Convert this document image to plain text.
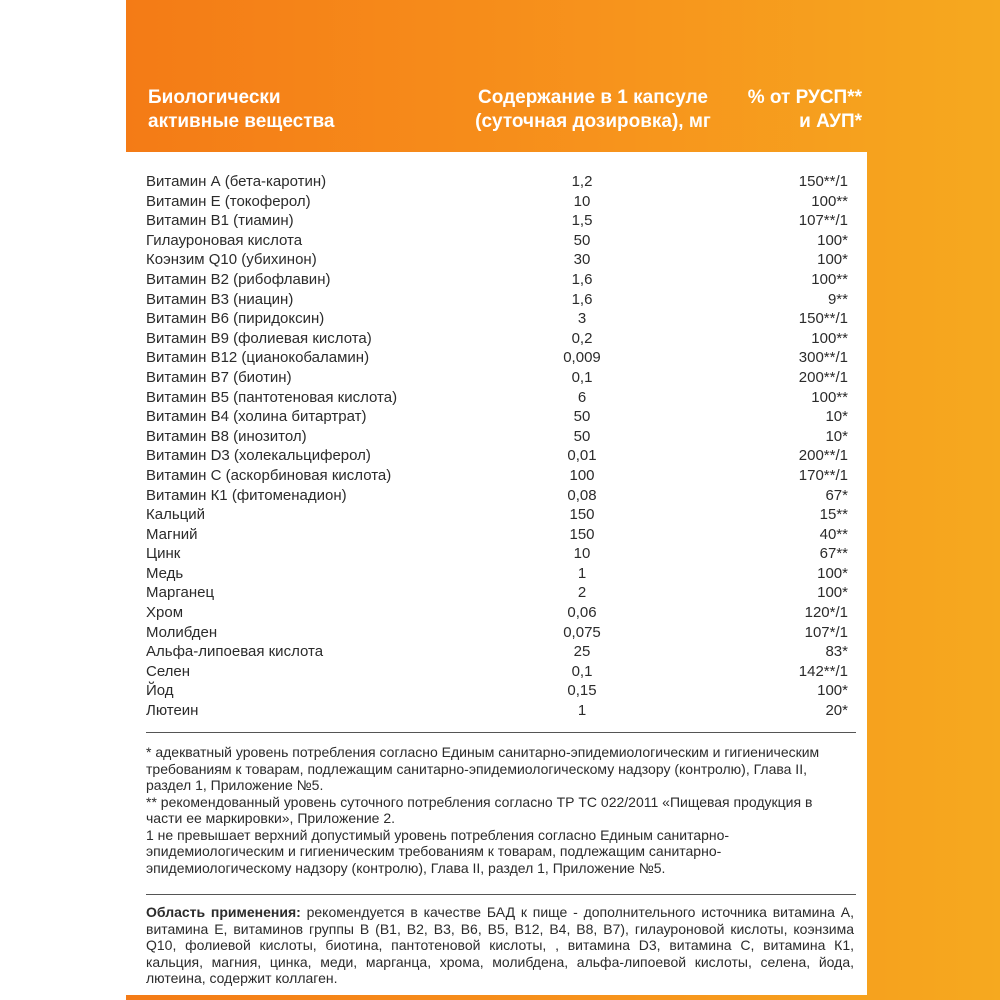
Биологически
активные вещества
Содержание в 1 капсуле
(суточная дозировка), мг
% от РУСП**
и АУП*
Витамин А (бета-каротин)	1,2	150**/1
Витамин Е (токоферол)	10	100**
Витамин В1 (тиамин)	1,5	107**/1
Гилауроновая кислота	50	100*
Коэнзим Q10 (убихинон)	30	100*
Витамин В2 (рибофлавин)	1,6	100**
Витамин В3 (ниацин)	1,6	9**
Витамин В6 (пиридоксин)	3	150**/1
Витамин В9 (фолиевая кислота)	0,2	100**
Витамин В12 (цианокобаламин)	0,009	300**/1
Витамин В7 (биотин)	0,1	200**/1
Витамин В5 (пантотеновая кислота)	6	100**
Витамин В4 (холина битартрат)	50	10*
Витамин В8 (инозитол)	50	10*
Витамин D3 (холекальциферол)	0,01	200**/1
Витамин С (аскорбиновая кислота)	100	170**/1
Витамин К1 (фитоменадион)	0,08	67*
Кальций	150	15**
Магний	150	40**
Цинк	10	67**
Медь	1	100*
Марганец	2	100*
Хром	0,06	120*/1
Молибден	0,075	107*/1
Альфа-липоевая кислота	25	83*
Селен	0,1	142**/1
Йод	0,15	100*
Лютеин	1	20*

* адекватный уровень потребления согласно Единым санитарно-эпидемиологическим и гигиеническим требованиям к товарам, подлежащим санитарно-эпидемиологическому надзору (контролю), Глава II, раздел 1, Приложение №5.

** рекомендованный уровень суточного потребления согласно ТР ТС 022/2011 «Пищевая продукция в части ее маркировки», Приложение 2.

1 не превышает верхний допустимый уровень потребления согласно Единым санитарно-эпидемиологическим и гигиеническим требованиям к товарам, подлежащим санитарно-эпидемиологическому надзору (контролю), Глава II, раздел 1, Приложение №5.

Область применения: рекомендуется в качестве БАД к пище - дополнительного источника витамина А, витамина Е, витаминов группы В (В1, В2, В3, В6, В5, В12, В4, В8, В7), гилауроновой кислоты, коэнзима Q10, фолиевой кислоты, биотина, пантотеновой кислоты, , витамина D3, витамина С, витамина К1, кальция, магния, цинка, меди, марганца, хрома, молибдена, альфа-липоевой кислоты, селена, йода, лютеина, содержит коллаген.
